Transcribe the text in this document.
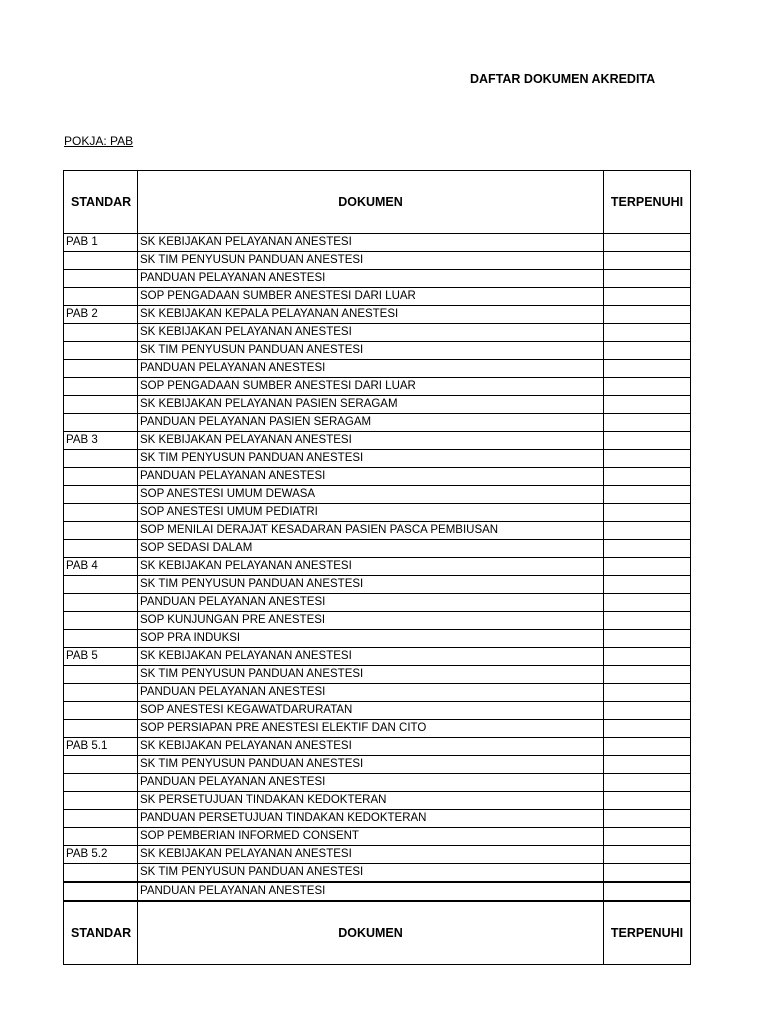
DAFTAR DOKUMEN AKREDITA
POKJA: PAB
STANDAR	DOKUMEN	TERPENUHI
PAB 1	SK KEBIJAKAN PELAYANAN ANESTESI	
	SK TIM PENYUSUN PANDUAN ANESTESI	
	PANDUAN PELAYANAN ANESTESI	
	SOP PENGADAAN SUMBER ANESTESI DARI LUAR	
PAB 2	SK KEBIJAKAN KEPALA PELAYANAN ANESTESI	
	SK KEBIJAKAN PELAYANAN ANESTESI	
	SK TIM PENYUSUN PANDUAN ANESTESI	
	PANDUAN PELAYANAN ANESTESI	
	SOP PENGADAAN SUMBER ANESTESI DARI LUAR	
	SK KEBIJAKAN PELAYANAN PASIEN SERAGAM	
	PANDUAN PELAYANAN PASIEN SERAGAM	
PAB 3	SK KEBIJAKAN PELAYANAN ANESTESI	
	SK TIM PENYUSUN PANDUAN ANESTESI	
	PANDUAN PELAYANAN ANESTESI	
	SOP ANESTESI UMUM DEWASA	
	SOP ANESTESI UMUM PEDIATRI	
	SOP MENILAI DERAJAT KESADARAN PASIEN PASCA PEMBIUSAN	
	SOP SEDASI DALAM	
PAB 4	SK KEBIJAKAN PELAYANAN ANESTESI	
	SK TIM PENYUSUN PANDUAN ANESTESI	
	PANDUAN PELAYANAN ANESTESI	
	SOP KUNJUNGAN PRE ANESTESI	
	SOP PRA INDUKSI	
PAB 5	SK KEBIJAKAN PELAYANAN ANESTESI	
	SK TIM PENYUSUN PANDUAN ANESTESI	
	PANDUAN PELAYANAN ANESTESI	
	SOP ANESTESI KEGAWATDARURATAN	
	SOP PERSIAPAN PRE ANESTESI ELEKTIF DAN CITO	
PAB 5.1	SK KEBIJAKAN PELAYANAN ANESTESI	
	SK TIM PENYUSUN PANDUAN ANESTESI	
	PANDUAN PELAYANAN ANESTESI	
	SK PERSETUJUAN TINDAKAN KEDOKTERAN	
	PANDUAN PERSETUJUAN TINDAKAN KEDOKTERAN	
	SOP PEMBERIAN INFORMED CONSENT	
PAB 5.2	SK KEBIJAKAN PELAYANAN ANESTESI	
	SK TIM PENYUSUN PANDUAN ANESTESI	
	PANDUAN PELAYANAN ANESTESI	
STANDAR	DOKUMEN	TERPENUHI
